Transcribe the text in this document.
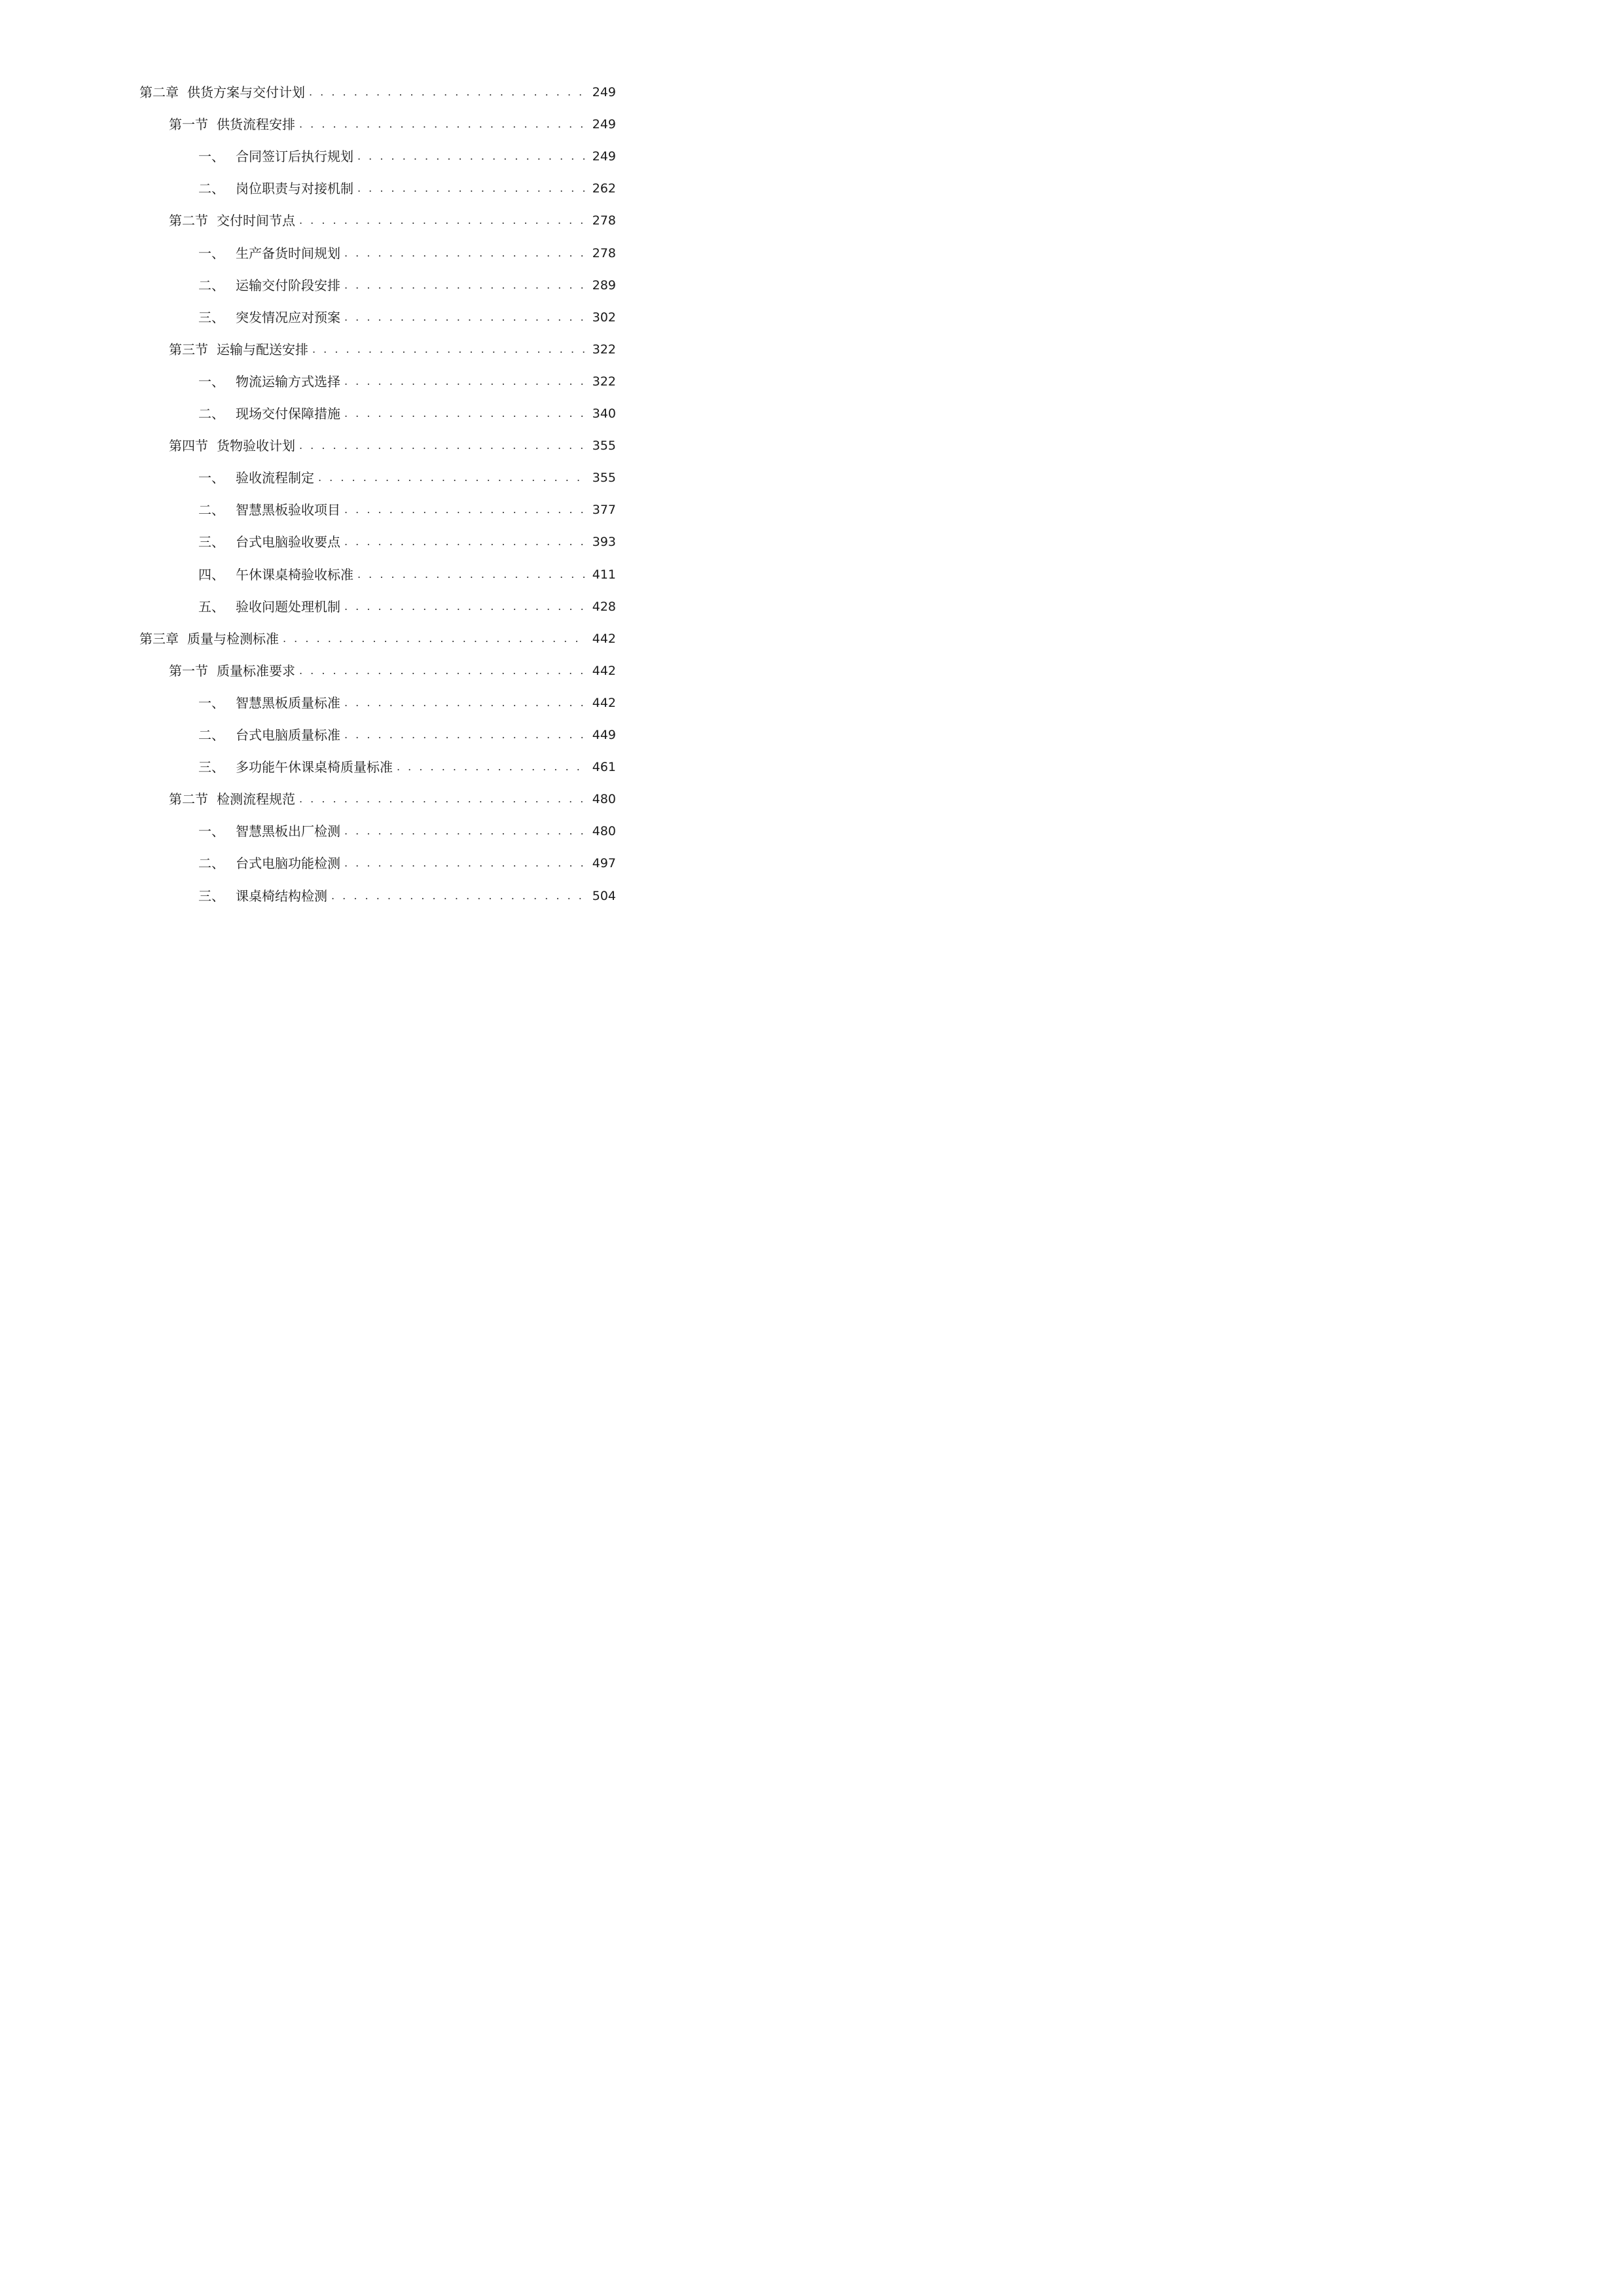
第二章 供货方案与交付计划 . . .	249
第一节 供货流程安排 . . .	249
一、 合同签订后执行规划 . . .	249
二、 岗位职责与对接机制 . . .	262
第二节 交付时间节点 . . .	278
一、 生产备货时间规划 . . .	278
二、 运输交付阶段安排 . . .	289
三、 突发情况应对预案 . . .	302
第三节 运输与配送安排 . . .	322
一、 物流运输方式选择 . . .	322
二、 现场交付保障措施 . . .	340
第四节 货物验收计划 . . .	355
一、 验收流程制定 . . .	355
二、 智慧黑板验收项目 . . .	377
三、 台式电脑验收要点 . . .	393
四、 午休课桌椅验收标准 . . .	411
五、 验收问题处理机制 . . .	428
第三章 质量与检测标准 . . .	442
第一节 质量标准要求 . . .	442
一、 智慧黑板质量标准 . . .	442
二、 台式电脑质量标准 . . .	449
三、 多功能午休课桌椅质量标准 . . .	461
第二节 检测流程规范 . . .	480
一、 智慧黑板出厂检测 . . .	480
二、 台式电脑功能检测 . . .	497
三、 课桌椅结构检测 . . .	504
